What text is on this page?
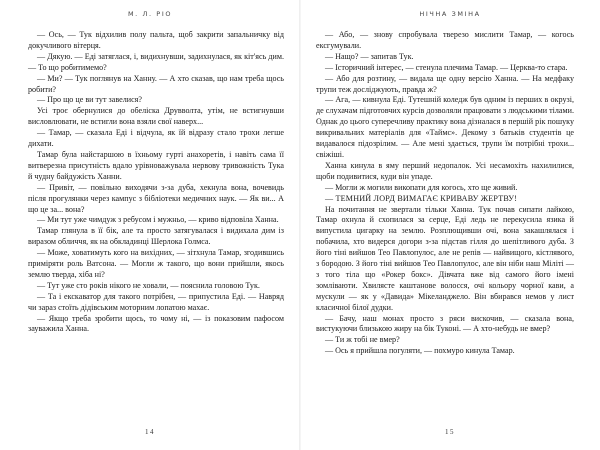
М. Л. РІО

— Ось, — Тук відхилив полу пальта, щоб закрити запальничку від докучливого вітерця.

— Дякую. — Еді затяглася, і, видихнувши, задихнулася, як кіт'ясь дим. — То що робитимемо?

— Ми? — Тук поглянув на Ханну. — А хто сказав, що нам треба щось робити?

— Про що це ви тут завелися?

Усі троє обернулися до обеліска Друвволта, утім, не встигнувши висловлювати, не встигли вона взяли свої наверх...

— Тамар, — сказала Еді і відчула, як їй відразу стало трохи легше дихати.

Тамар була найстаршою в їхньому гурті анахоретів, і навіть сама її витверезна присутність вдало урівноважувала нервову тривожність Тука й чудну байдужість Ханни.

— Привіт, — повільно виходячи з-за дуба, хекнула вона, вочевидь після прогулянки через кампус з бібліотеки медичних наук. — Як ви... А що це за... вона?

— Ми тут уже чимдуж з ребусом і мужньо, — криво відповіла Ханна.

Тамар глянула в її бік, але та просто затягувалася і видихала дим із виразом обличчя, як на обкладинці Шерлока Голмса.

— Може, ховатимуть кого на вихідних, — зітхнула Тамар, згодившись приміряти роль Ватсона. — Могли ж такого, що вони прийшли, якось землю тверда, хіба ні?

— Тут уже сто років нікого не ховали, — пояснила головою Тук.

— Та і екскаватор для такого потрібен, — припустила Еді. — Навряд чи зараз стоїть дідівським моторним лопатою махає.

— Якщо треба зробити щось, то чому ні, — із показовим пафосом зауважила Ханна.

14
НІЧНА ЗМІНА

— Або, — знову спробувала тверезо мислити Тамар, — когось ексгумували.

— Нащо? — запитав Тук.

— Історичний інтерес, — стенула плечима Тамар. — Церква-то стара.

— Або для розтину, — видала ще одну версію Ханна. — На медфаку трупи теж досліджують, правда ж?

— Ага, — кивнула Еді. Тутешній коледж був одним із перших в окрузі, де слухачам підготовчих курсів дозволяли працювати з людськими тілами. Однак до цього суперечливу практику вона дізналася в першій рік пошуку викривальних матеріалів для «Таймс». Декому з батьків студентів це видавалося підозрілим. — Але мені здається, трупи їм потрібні трохи... свіжіші.

Ханна кинула в яму перший недопалок. Усі несамохіть нахилилися, щоби подивитися, куди він упаде.

— Могли ж могили викопати для когось, хто ще живий.

— ТЕМНИЙ ЛОРД ВИМАГАЄ КРИВАВУ ЖЕРТВУ!

На почитання не звертали тільки Ханна. Тук почав сипати лайкою, Тамар охнула й схопилася за серце, Еді ледь не перекусила язика й випустила цигарку на землю. Розплющивши очі, вона закашлялася і побачила, хто видерся догори з-за підстав гілля до шепітливого дуба. З його тіні вийшов Тео Павлопулос, але не репів — найвищого, кістлявого, з бородою. З його тіні вийшов Тео Павлопулос, але він ніби наш Міліті — з того тіла що «Рокер бокс». Дівчата вже від самого його імені зомліваюти. Хвилясте каштанове волосся, очі кольору чорної кави, а мускули — як у «Давида» Мікеланджело. Він вбирався немов у лист класичної білої дудки.

— Бачу, наш монах просто з ряси вискочив, — сказала вона, вистукуючи близькою жиру на бік Туконі. — А хто-небудь не вмер?

— Ти ж тобі не вмер?

— Ось я прийшла погуляти, — похмуро кинула Тамар.

15
